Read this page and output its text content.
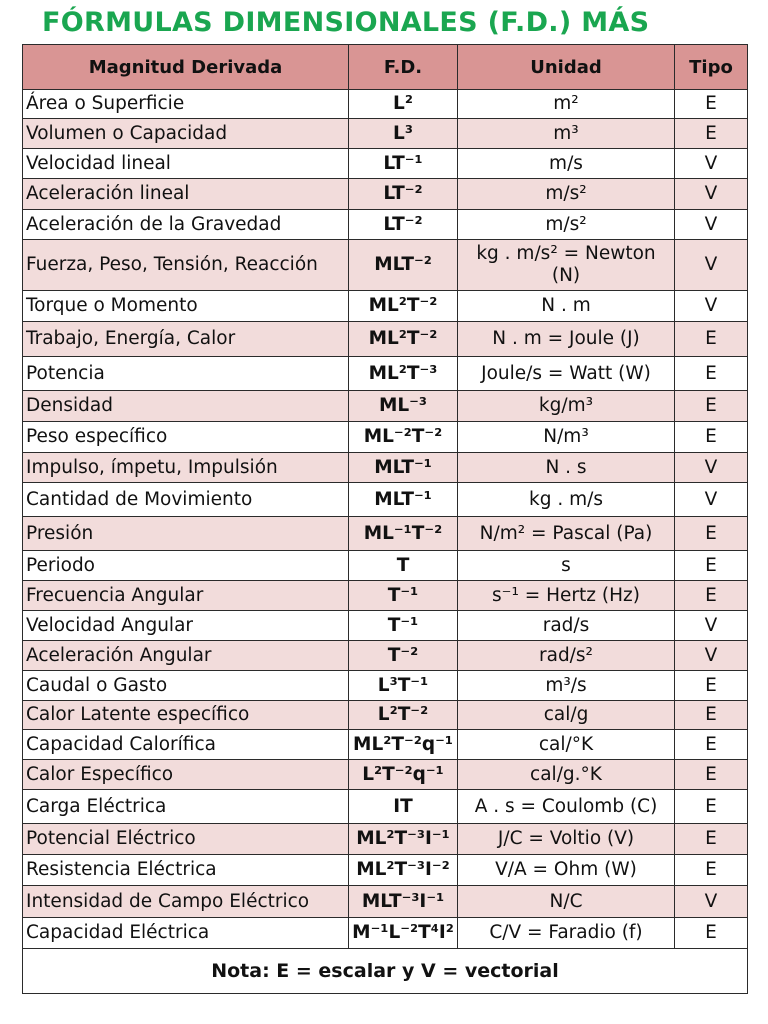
FÓRMULAS DIMENSIONALES (F.D.) MÁS
Magnitud Derivada	F.D.	Unidad	Tipo
Área o Superficie	L²	m²	E
Volumen o Capacidad	L³	m³	E
Velocidad lineal	LT⁻¹	m/s	V
Aceleración lineal	LT⁻²	m/s²	V
Aceleración de la Gravedad	LT⁻²	m/s²	V
Fuerza, Peso, Tensión, Reacción	MLT⁻²	kg . m/s² = Newton (N)	V
Torque o Momento	ML²T⁻²	N . m	V
Trabajo, Energía, Calor	ML²T⁻²	N . m = Joule (J)	E
Potencia	ML²T⁻³	Joule/s = Watt (W)	E
Densidad	ML⁻³	kg/m³	E
Peso específico	ML⁻²T⁻²	N/m³	E
Impulso, ímpetu, Impulsión	MLT⁻¹	N . s	V
Cantidad de Movimiento	MLT⁻¹	kg . m/s	V
Presión	ML⁻¹T⁻²	N/m² = Pascal (Pa)	E
Periodo	T	s	E
Frecuencia Angular	T⁻¹	s⁻¹ = Hertz (Hz)	E
Velocidad Angular	T⁻¹	rad/s	V
Aceleración Angular	T⁻²	rad/s²	V
Caudal o Gasto	L³T⁻¹	m³/s	E
Calor Latente específico	L²T⁻²	cal/g	E
Capacidad Calorífica	ML²T⁻²q⁻¹	cal/°K	E
Calor Específico	L²T⁻²q⁻¹	cal/g.°K	E
Carga Eléctrica	IT	A . s = Coulomb (C)	E
Potencial Eléctrico	ML²T⁻³I⁻¹	J/C = Voltio (V)	E
Resistencia Eléctrica	ML²T⁻³I⁻²	V/A = Ohm (W)	E
Intensidad de Campo Eléctrico	MLT⁻³I⁻¹	N/C	V
Capacidad Eléctrica	M⁻¹L⁻²T⁴I²	C/V = Faradio (f)	E
Nota: E = escalar y V = vectorial			
